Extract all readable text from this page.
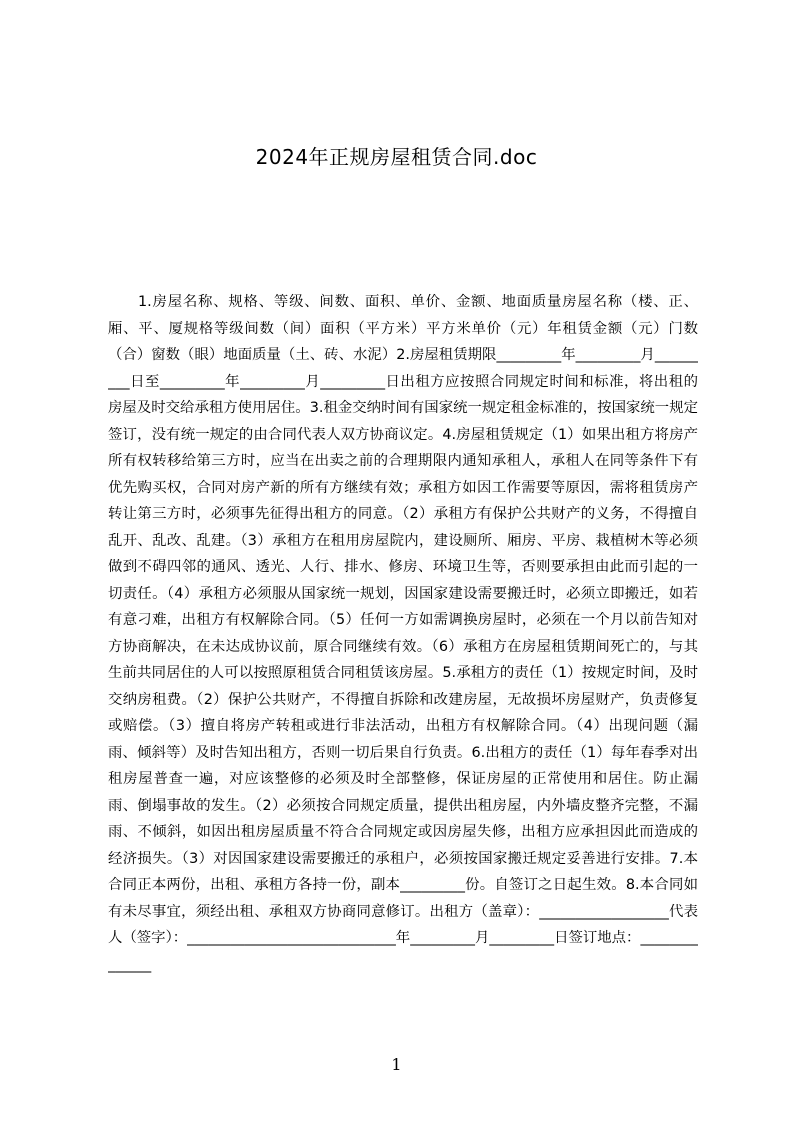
2024年正规房屋租赁合同.doc

1.房屋名称、规格、等级、间数、面积、单价、金额、地面质量房屋名称（楼、正、厢、平、厦规格等级间数（间）面积（平方米）平方米单价（元）年租赁金额（元）门数（合）窗数（眼）地面质量（土、砖、水泥）2.房屋租赁期限_________年_________月_________日至_________年_________月_________日出租方应按照合同规定时间和标准，将出租的房屋及时交给承租方使用居住。3.租金交纳时间有国家统一规定租金标准的，按国家统一规定签订，没有统一规定的由合同代表人双方协商议定。4.房屋租赁规定（1）如果出租方将房产所有权转移给第三方时，应当在出卖之前的合理期限内通知承租人，承租人在同等条件下有优先购买权，合同对房产新的所有方继续有效；承租方如因工作需要等原因，需将租赁房产转让第三方时，必须事先征得出租方的同意。（2）承租方有保护公共财产的义务，不得擅自乱开、乱改、乱建。（3）承租方在租用房屋院内，建设厕所、厢房、平房、栽植树木等必须做到不碍四邻的通风、透光、人行、排水、修房、环境卫生等，否则要承担由此而引起的一切责任。（4）承租方必须服从国家统一规划，因国家建设需要搬迁时，必须立即搬迁，如若有意刁难，出租方有权解除合同。（5）任何一方如需调换房屋时，必须在一个月以前告知对方协商解决，在未达成协议前，原合同继续有效。（6）承租方在房屋租赁期间死亡的，与其生前共同居住的人可以按照原租赁合同租赁该房屋。5.承租方的责任（1）按规定时间，及时交纳房租费。（2）保护公共财产，不得擅自拆除和改建房屋，无故损坏房屋财产，负责修复或赔偿。（3）擅自将房产转租或进行非法活动，出租方有权解除合同。（4）出现问题（漏雨、倾斜等）及时告知出租方，否则一切后果自行负责。6.出租方的责任（1）每年春季对出租房屋普查一遍，对应该整修的必须及时全部整修，保证房屋的正常使用和居住。防止漏雨、倒塌事故的发生。（2）必须按合同规定质量，提供出租房屋，内外墙皮整齐完整，不漏雨、不倾斜，如因出租房屋质量不符合合同规定或因房屋失修，出租方应承担因此而造成的经济损失。（3）对因国家建设需要搬迁的承租户，必须按国家搬迁规定妥善进行安排。7.本合同正本两份，出租、承租方各持一份，副本_________份。自签订之日起生效。8.本合同如有未尽事宜，须经出租、承租双方协商同意修订。出租方（盖章）：__________________代表人（签字）：_____________________________年_________月_________日签订地点：______________

1
